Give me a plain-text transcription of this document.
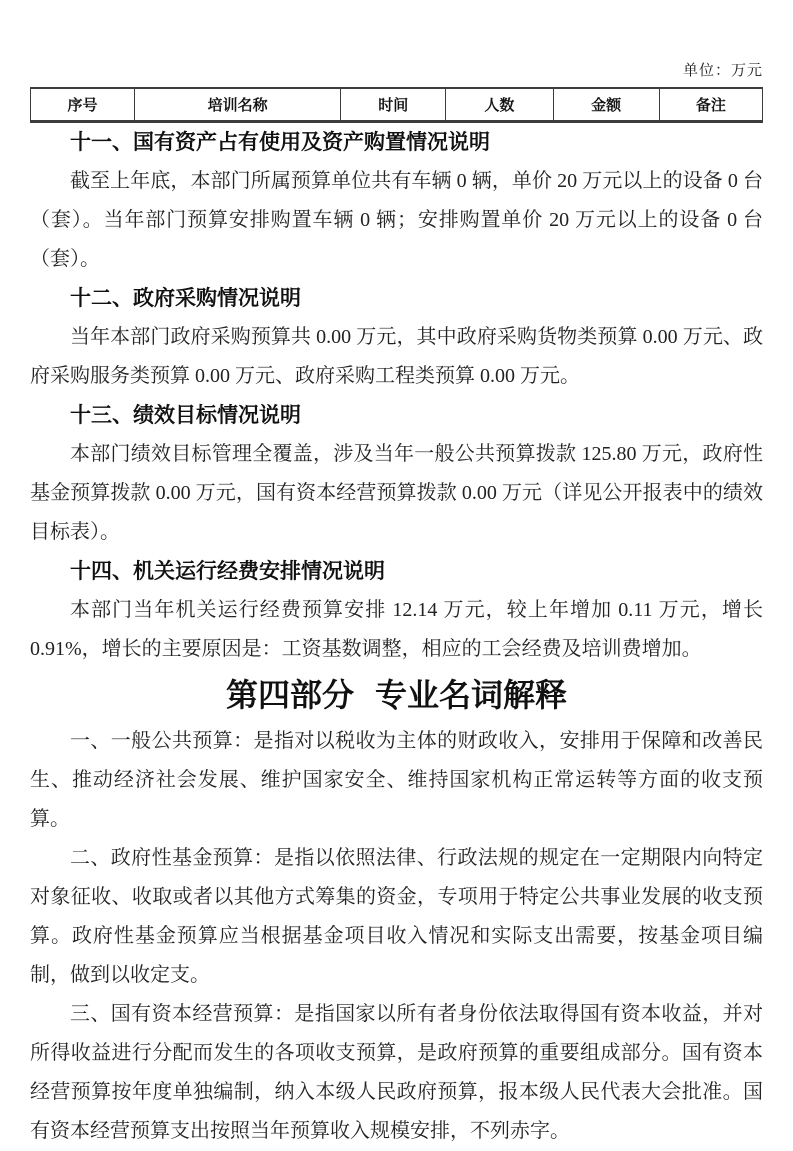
单位：万元
序号	培训名称	时间	人数	金额	备注
十一、国有资产占有使用及资产购置情况说明

截至上年底，本部门所属预算单位共有车辆 0 辆，单价 20 万元以上的设备 0 台（套）。当年部门预算安排购置车辆 0 辆；安排购置单价 20 万元以上的设备 0 台（套）。

十二、政府采购情况说明

当年本部门政府采购预算共 0.00 万元，其中政府采购货物类预算 0.00 万元、政府采购服务类预算 0.00 万元、政府采购工程类预算 0.00 万元。

十三、绩效目标情况说明

本部门绩效目标管理全覆盖，涉及当年一般公共预算拨款 125.80 万元，政府性基金预算拨款 0.00 万元，国有资本经营预算拨款 0.00 万元（详见公开报表中的绩效目标表）。

十四、机关运行经费安排情况说明

本部门当年机关运行经费预算安排 12.14 万元，较上年增加 0.11 万元，增长 0.91%，增长的主要原因是：工资基数调整，相应的工会经费及培训费增加。

第四部分 专业名词解释

一、一般公共预算：是指对以税收为主体的财政收入，安排用于保障和改善民生、推动经济社会发展、维护国家安全、维持国家机构正常运转等方面的收支预算。

二、政府性基金预算：是指以依照法律、行政法规的规定在一定期限内向特定对象征收、收取或者以其他方式筹集的资金，专项用于特定公共事业发展的收支预算。政府性基金预算应当根据基金项目收入情况和实际支出需要，按基金项目编制，做到以收定支。

三、国有资本经营预算：是指国家以所有者身份依法取得国有资本收益，并对所得收益进行分配而发生的各项收支预算，是政府预算的重要组成部分。国有资本经营预算按年度单独编制，纳入本级人民政府预算，报本级人民代表大会批准。国有资本经营预算支出按照当年预算收入规模安排，不列赤字。
